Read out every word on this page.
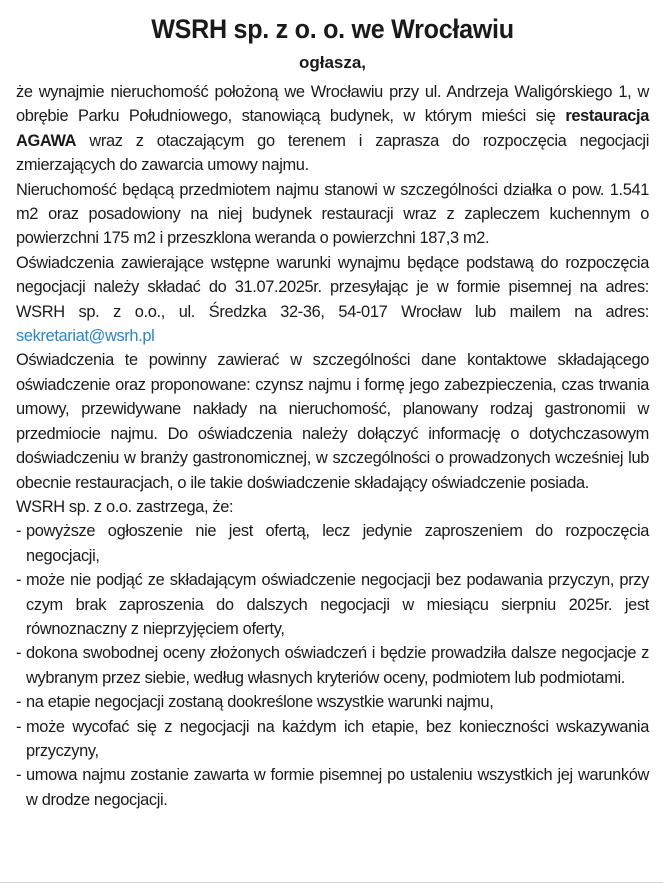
WSRH sp. z o. o. we Wrocławiu
ogłasza,

że wynajmie nieruchomość położoną we Wrocławiu przy ul. Andrzeja Waligórskiego 1, w obrębie Parku Południowego, stanowiącą budynek, w którym mieści się restauracja AGAWA wraz z otaczającym go terenem i zaprasza do rozpoczęcia negocjacji zmierzających do zawarcia umowy najmu.

Nieruchomość będącą przedmiotem najmu stanowi w szczególności działka o pow. 1.541 m2 oraz posadowiony na niej budynek restauracji wraz z zapleczem kuchennym o powierzchni 175 m2 i przeszklona weranda o powierzchni 187,3 m2.

Oświadczenia zawierające wstępne warunki wynajmu będące podstawą do rozpoczęcia negocjacji należy składać do 31.07.2025r. przesyłając je w formie pisemnej na adres: WSRH sp. z o.o., ul. Średzka 32-36, 54-017 Wrocław lub mailem na adres: sekretariat@wsrh.pl

Oświadczenia te powinny zawierać w szczególności dane kontaktowe składającego oświadczenie oraz proponowane: czynsz najmu i formę jego zabezpieczenia, czas trwania umowy, przewidywane nakłady na nieruchomość, planowany rodzaj gastronomii w przedmiocie najmu. Do oświadczenia należy dołączyć informację o dotychczasowym doświadczeniu w branży gastronomicznej, w szczególności o prowadzonych wcześniej lub obecnie restauracjach, o ile takie doświadczenie składający oświadczenie posiada.

WSRH sp. z o.o. zastrzega, że:

- powyższe ogłoszenie nie jest ofertą, lecz jedynie zaproszeniem do rozpoczęcia negocjacji,
- może nie podjąć ze składającym oświadczenie negocjacji bez podawania przyczyn, przy czym brak zaproszenia do dalszych negocjacji w miesiącu sierpniu 2025r. jest równoznaczny z nieprzyjęciem oferty,
- dokona swobodnej oceny złożonych oświadczeń i będzie prowadziła dalsze negocjacje z wybranym przez siebie, według własnych kryteriów oceny, podmiotem lub podmiotami.
- na etapie negocjacji zostaną dookreślone wszystkie warunki najmu,
- może wycofać się z negocjacji na każdym ich etapie, bez konieczności wskazywania przyczyny,
- umowa najmu zostanie zawarta w formie pisemnej po ustaleniu wszystkich jej warunków w drodze negocjacji.
